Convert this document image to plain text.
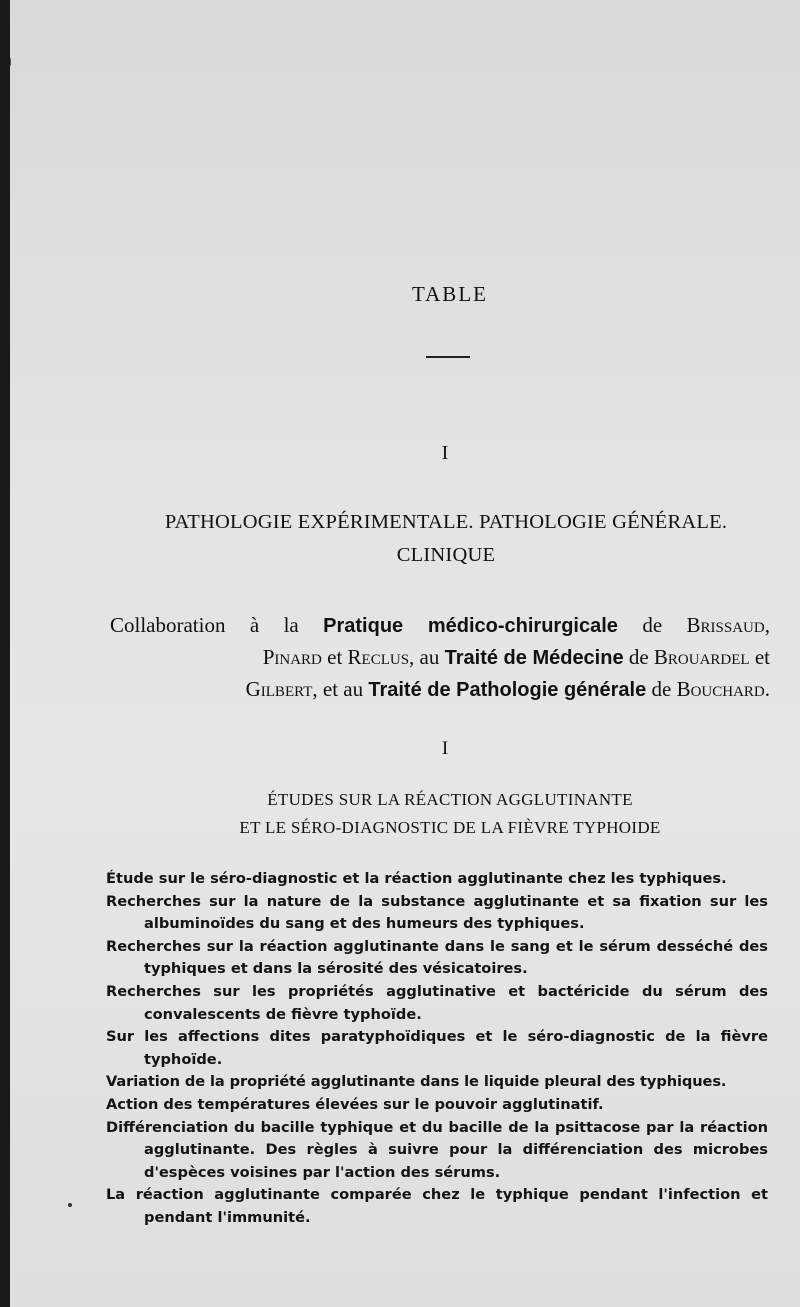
TABLE
I
PATHOLOGIE EXPÉRIMENTALE. PATHOLOGIE GÉNÉRALE.
CLINIQUE

Collaboration à la Pratique médico-chirurgicale de Brissaud,

Pinard et Reclus, au Traité de Médecine de Brouardel et

Gilbert, et au Traité de Pathologie générale de Bouchard.

I
ÉTUDES SUR LA RÉACTION AGGLUTINANTE
ET LE SÉRO-DIAGNOSTIC DE LA FIÈVRE TYPHOIDE

Étude sur le séro-diagnostic et la réaction agglutinante chez les typhiques.

Recherches sur la nature de la substance agglutinante et sa fixation sur les albuminoïdes du sang et des humeurs des typhiques.

Recherches sur la réaction agglutinante dans le sang et le sérum desséché des typhiques et dans la sérosité des vésicatoires.

Recherches sur les propriétés agglutinative et bactéricide du sérum des convalescents de fièvre typhoïde.

Sur les affections dites paratyphoïdiques et le séro-diagnostic de la fièvre typhoïde.

Variation de la propriété agglutinante dans le liquide pleural des typhiques.

Action des températures élevées sur le pouvoir agglutinatif.

Différenciation du bacille typhique et du bacille de la psittacose par la réaction agglutinante. Des règles à suivre pour la différenciation des microbes d'espèces voisines par l'action des sérums.

La réaction agglutinante comparée chez le typhique pendant l'infection et pendant l'immunité.
